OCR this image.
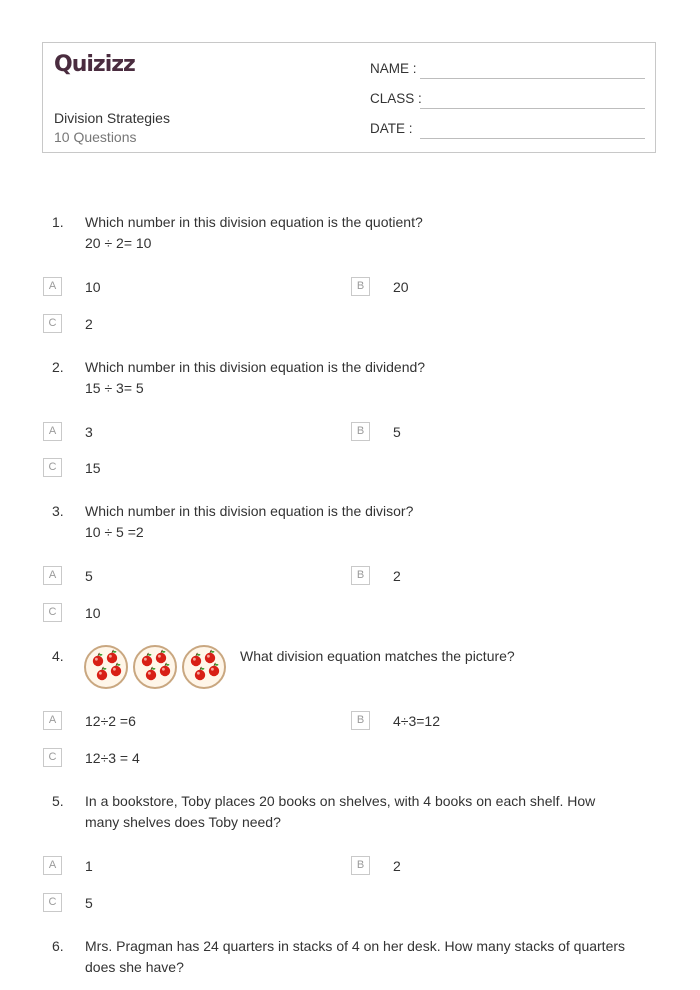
Quizizz
Division Strategies
10 Questions
NAME :
CLASS :
DATE :
1. Which number in this division equation is the quotient?
20 ÷ 2= 10
A	10	B	20
C	2
2. Which number in this division equation is the dividend?
15 ÷ 3= 5
A	3	B	5
C	15
3. Which number in this division equation is the divisor?
10 ÷ 5 =2
A	5	B	2
C	10
4.	What division equation matches the picture?
A	12÷2 =6	B	4÷3=12
C	12÷3 = 4
5. In a bookstore, Toby places 20 books on shelves, with 4 books on each shelf. How
many shelves does Toby need?
A	1	B	2
C	5
6. Mrs. Pragman has 24 quarters in stacks of 4 on her desk. How many stacks of quarters
does she have?
